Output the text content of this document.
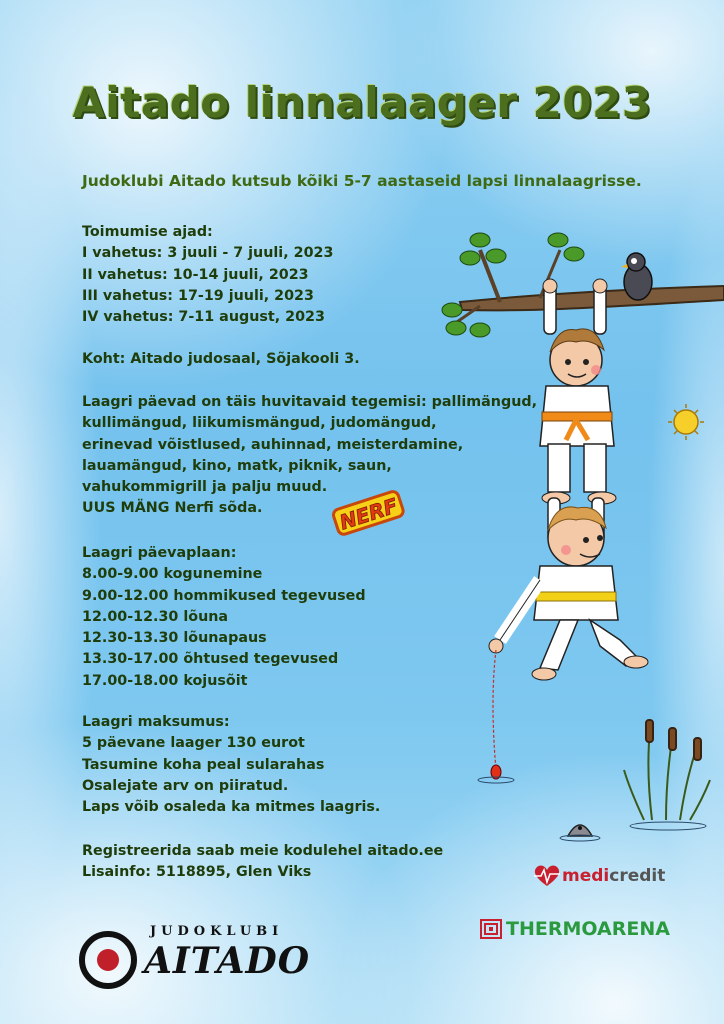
Aitado linnalaager 2023
Judoklubi Aitado kutsub kõiki 5-7 aastaseid lapsi linnalaagrisse.
Toimumise ajad:
I vahetus: 3 juuli - 7 juuli, 2023
II vahetus: 10-14 juuli, 2023
III vahetus: 17-19 juuli, 2023
IV vahetus: 7-11 august, 2023
Koht: Aitado judosaal, Sõjakooli 3.
Laagri päevad on täis huvitavaid tegemisi: pallimängud,
kullimängud, liikumismängud, judomängud,
erinevad võistlused, auhinnad, meisterdamine,
lauamängud, kino, matk, piknik, saun,
vahukommigrill ja palju muud.
UUS MÄNG Nerfi sõda.	NERF
Laagri päevaplaan:
8.00-9.00 kogunemine
9.00-12.00 hommikused tegevused
12.00-12.30 lõuna
12.30-13.30 lõunapaus
13.30-17.00 õhtused tegevused
17.00-18.00 kojusõit
Laagri maksumus:
5 päevane laager 130 eurot
Tasumine koha peal sularahas
Osalejate arv on piiratud.
Laps võib osaleda ka mitmes laagris.
Registreerida saab meie kodulehel aitado.ee
Lisainfo: 5118895, Glen Viks	medi credit
THERMOARENA
JUDOKLUBI
AITADO
